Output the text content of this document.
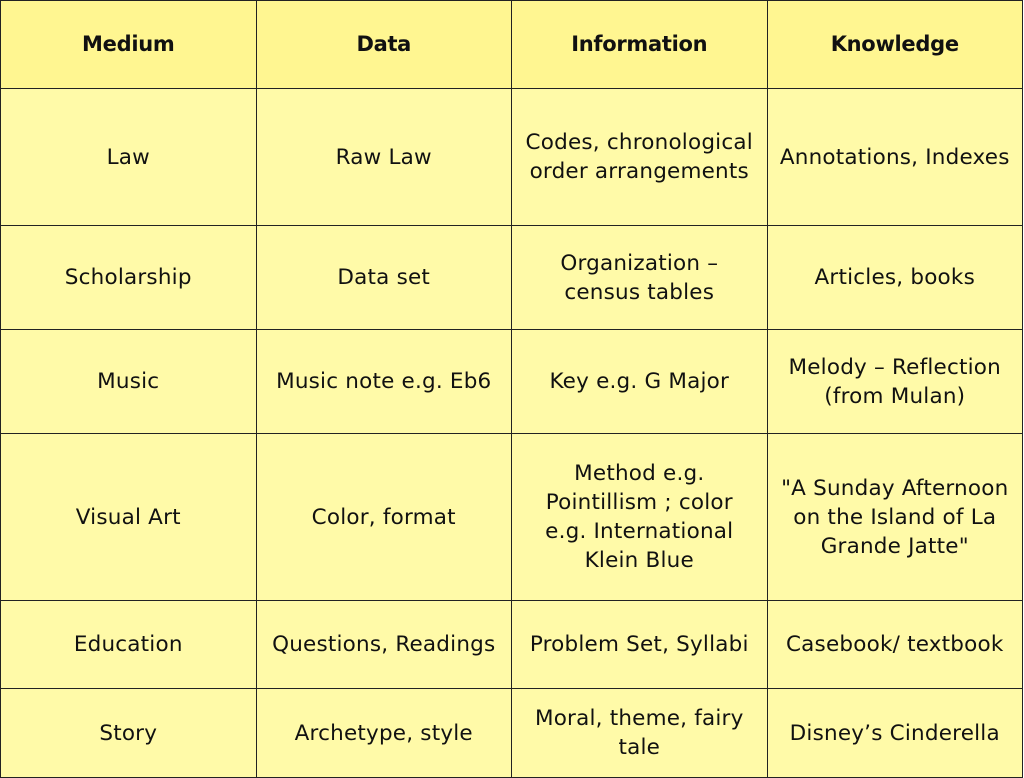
Medium	Data	Information	Knowledge
Law	Raw Law	Codes, chronological order arrangements	Annotations, Indexes
Scholarship	Data set	Organization – census tables	Articles, books
Music	Music note e.g. Eb6	Key e.g. G Major	Melody – Reflection (from Mulan)
Visual Art	Color, format	Method e.g. Pointillism ; color e.g. International Klein Blue	"A Sunday Afternoon on the Island of La Grande Jatte"
Education	Questions, Readings	Problem Set, Syllabi	Casebook/ textbook
Story	Archetype, style	Moral, theme, fairy tale	Disney’s Cinderella
